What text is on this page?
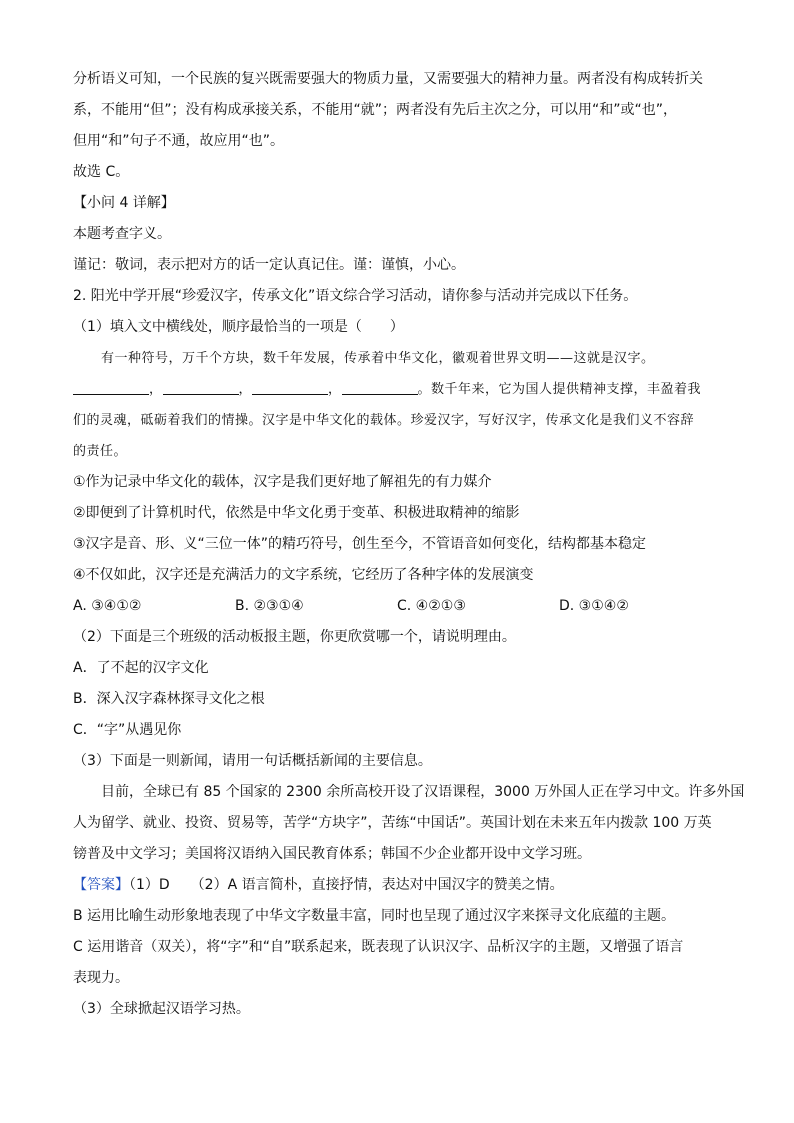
分析语义可知，一个民族的复兴既需要强大的物质力量，又需要强大的精神力量。两者没有构成转折关
系，不能用“但”；没有构成承接关系，不能用“就”；两者没有先后主次之分，可以用“和”或“也”，
但用“和”句子不通，故应用“也”。
故选 C。
【小问 4 详解】
本题考查字义。
谨记：敬词，表示把对方的话一定认真记住。谨：谨慎，小心。
2. 阳光中学开展“珍爱汉字，传承文化”语文综合学习活动，请你参与活动并完成以下任务。
（1）填入文中横线处，顺序最恰当的一项是（　　）
有一种符号，万千个方块，数千年发展，传承着中华文化，徽观着世界文明——这就是汉字。
，	，	，	。数千年来，它为国人提供精神支撑，丰盈着我
们的灵魂，砥砺着我们的情操。汉字是中华文化的载体。珍爱汉字，写好汉字，传承文化是我们义不容辞
的责任。
①作为记录中华文化的载体，汉字是我们更好地了解祖先的有力媒介
②即便到了计算机时代，依然是中华文化勇于变革、积极进取精神的缩影
③汉字是音、形、义“三位一体”的精巧符号，创生至今，不管语音如何变化，结构都基本稳定
④不仅如此，汉字还是充满活力的文字系统，它经历了各种字体的发展演变
A. ③④①②	B. ②③①④	C. ④②①③	D. ③①④②
（2）下面是三个班级的活动板报主题，你更欣赏哪一个，请说明理由。
A．了不起的汉字文化
B．深入汉字森林探寻文化之根
C．“字”从遇见你
（3）下面是一则新闻，请用一句话概括新闻的主要信息。
目前，全球已有 85 个国家的 2300 余所高校开设了汉语课程，3000 万外国人正在学习中文。许多外国
人为留学、就业、投资、贸易等，苦学“方块字”，苦练“中国话”。英国计划在未来五年内拨款 100 万英
镑普及中文学习；美国将汉语纳入国民教育体系；韩国不少企业都开设中文学习班。
【答案】（1）D　　（2）A 语言简朴，直接抒情，表达对中国汉字的赞美之情。
B 运用比喻生动形象地表现了中华文字数量丰富，同时也呈现了通过汉字来探寻文化底蕴的主题。
C 运用谐音（双关），将“字”和“自”联系起来，既表现了认识汉字、品析汉字的主题，又增强了语言
表现力。
（3）全球掀起汉语学习热。
